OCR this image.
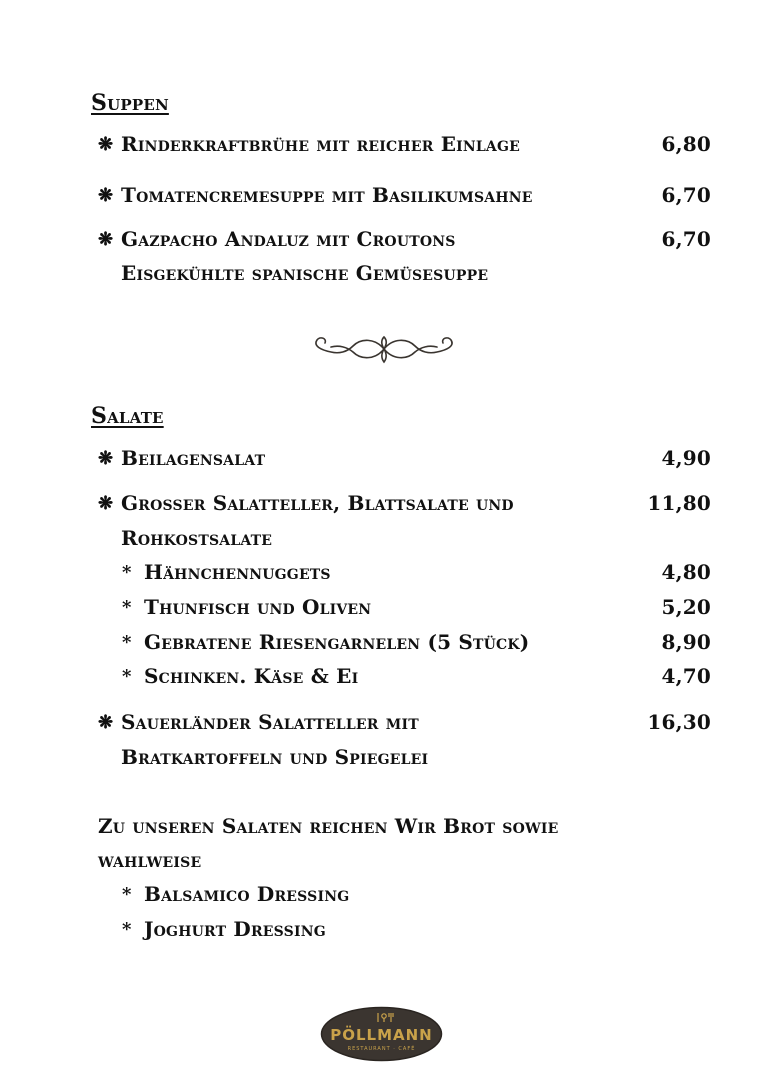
Suppen
❋ Rinderkraftbrühe mit reicher Einlage	6,80
❋ Tomatencremesuppe mit Basilikumsahne	6,70
❋ Gazpacho Andaluz mit Croutons	6,70
Eisgekühlte spanische Gemüsesuppe
Salate
❋ Beilagensalat	4,90
❋ Grosser Salatteller, Blattsalate und	11,80
Rohkostsalate
* Hähnchennuggets	4,80
* Thunfisch und Oliven	5,20
* Gebratene Riesengarnelen (5 Stück)	8,90
* Schinken. Käse & Ei	4,70
❋ Sauerländer Salatteller mit	16,30
Bratkartoffeln und Spiegelei
Zu unseren Salaten reichen Wir Brot sowie
wahlweise
* Balsamico Dressing
* Joghurt Dressing
PÖLLMANN
RESTAURANT · CAFÉ
